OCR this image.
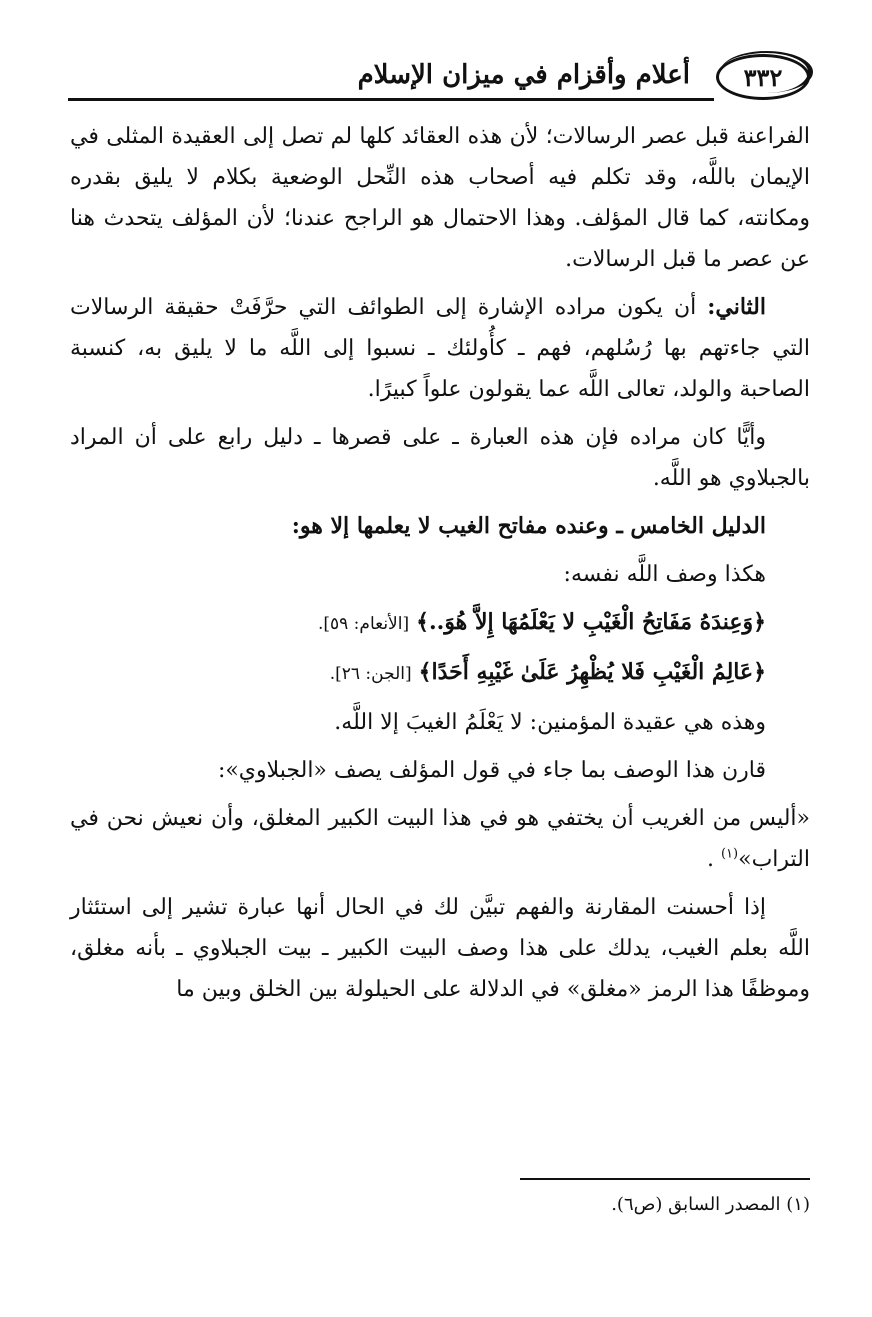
٣٣٢
أعلام وأقزام في ميزان الإسلام

الفراعنة قبل عصر الرسالات؛ لأن هذه العقائد كلها لم تصل إلى العقيدة المثلى في الإيمان باللَّه، وقد تكلم فيه أصحاب هذه النِّحل الوضعية بكلام لا يليق بقدره ومكانته، كما قال المؤلف. وهذا الاحتمال هو الراجح عندنا؛ لأن المؤلف يتحدث هنا عن عصر ما قبل الرسالات.

الثاني: أن يكون مراده الإشارة إلى الطوائف التي حرَّفَتْ حقيقة الرسالات التي جاءتهم بها رُسُلهم، فهم ـ كأُولئك ـ نسبوا إلى اللَّه ما لا يليق به، كنسبة الصاحبة والولد، تعالى اللَّه عما يقولون علواً كبيرًا.

وأيًّا كان مراده فإن هذه العبارة ـ على قصرها ـ دليل رابع على أن المراد بالجبلاوي هو اللَّه.

الدليل الخامس ـ وعنده مفاتح الغيب لا يعلمها إلا هو:

هكذا وصف اللَّه نفسه:

﴿وَعِندَهُ مَفَاتِحُ الْغَيْبِ لا يَعْلَمُهَا إِلاَّ هُوَ..﴾ [الأنعام: ٥٩].

﴿عَالِمُ الْغَيْبِ فَلا يُظْهِرُ عَلَىٰ غَيْبِهِ أَحَدًا﴾ [الجن: ٢٦].

وهذه هي عقيدة المؤمنين: لا يَعْلَمُ الغيبَ إلا اللَّه.

قارن هذا الوصف بما جاء في قول المؤلف يصف «الجبلاوي»:

«أليس من الغريب أن يختفي هو في هذا البيت الكبير المغلق، وأن نعيش نحن في التراب»$^{(١)}$ .

إذا أحسنت المقارنة والفهم تبيَّن لك في الحال أنها عبارة تشير إلى استئثار اللَّه بعلم الغيب، يدلك على هذا وصف البيت الكبير ـ بيت الجبلاوي ـ بأنه مغلق، وموظفًا هذا الرمز «مغلق» في الدلالة على الحيلولة بين الخلق وبين ما

(١) المصدر السابق (ص٦).
